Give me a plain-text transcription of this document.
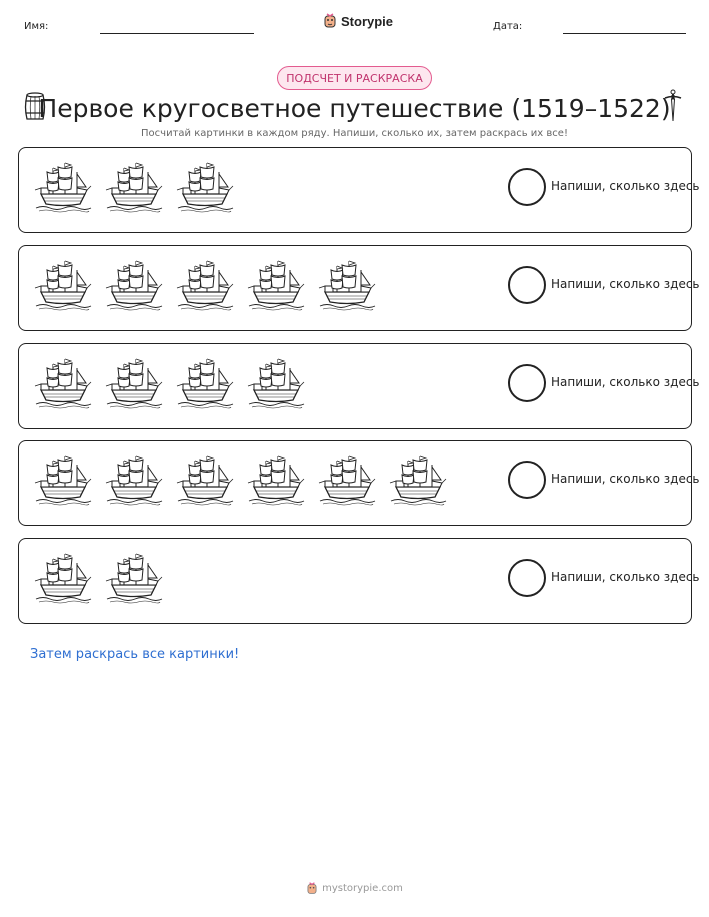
Имя:	Storypie	Дата:
ПОДСЧЕТ И РАСКРАСКА
Первое кругосветное путешествие (1519–1522)
Посчитай картинки в каждом ряду. Напиши, сколько их, затем раскрась их все!
Напиши, сколько здесь
Напиши, сколько здесь
Напиши, сколько здесь
Напиши, сколько здесь
Напиши, сколько здесь
Затем раскрась все картинки!
mystorypie.com
